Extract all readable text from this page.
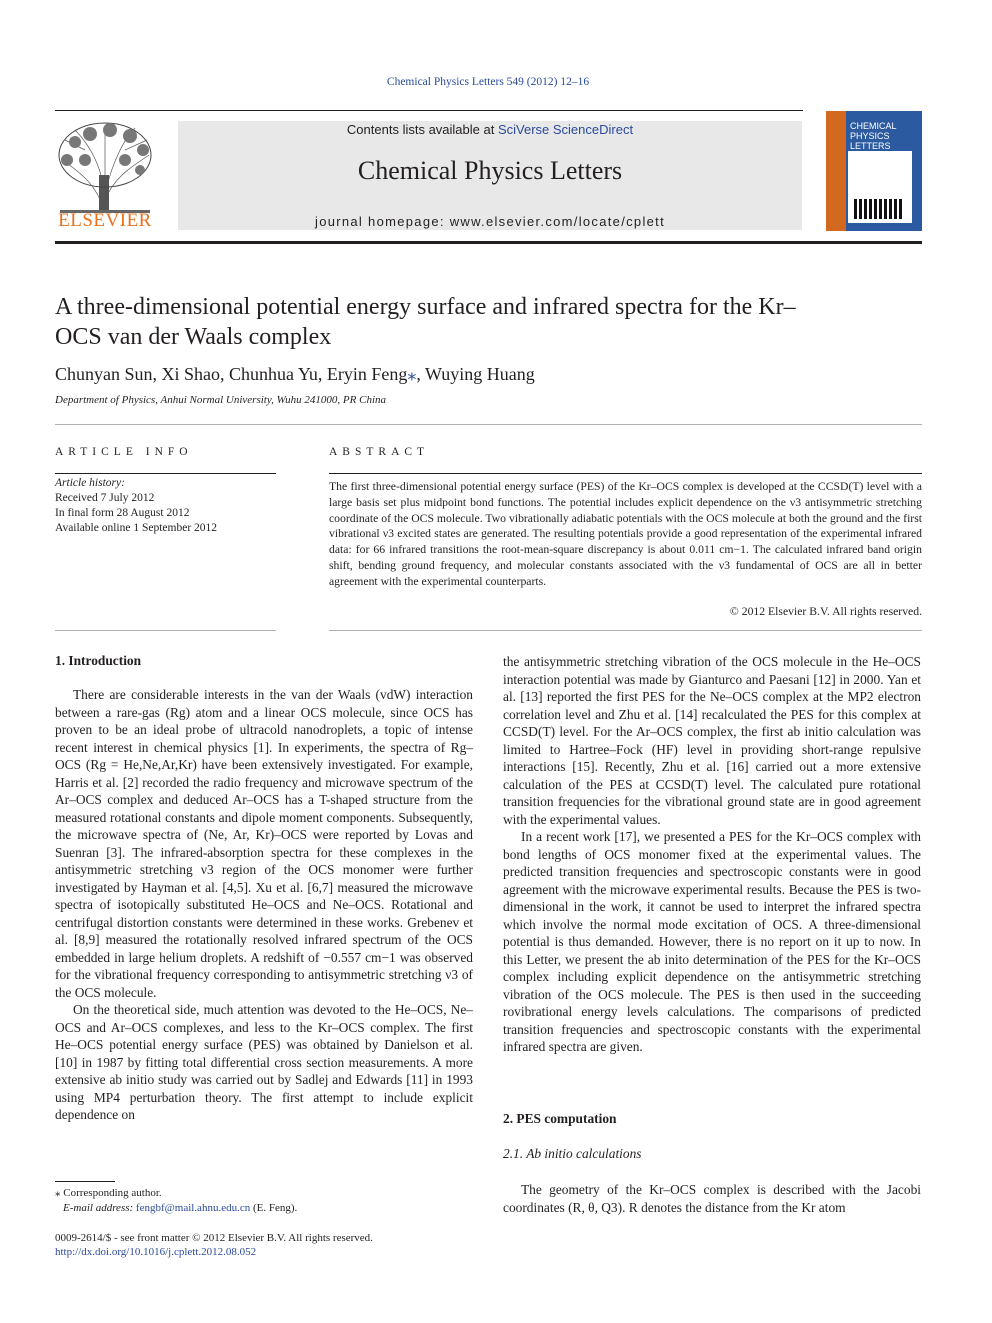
Chemical Physics Letters 549 (2012) 12–16
ELSEVIER
Contents lists available at SciVerse ScienceDirect
Chemical Physics Letters
journal homepage: www.elsevier.com/locate/cplett
CHEMICAL
PHYSICS
LETTERS
A three-dimensional potential energy surface and infrared spectra for the Kr–OCS van der Waals complex
Chunyan Sun, Xi Shao, Chunhua Yu, Eryin Feng⁎, Wuying Huang
Department of Physics, Anhui Normal University, Wuhu 241000, PR China
ARTICLE INFO	ABSTRACT
Article history:
Received 7 July 2012
In final form 28 August 2012
Available online 1 September 2012
The first three-dimensional potential energy surface (PES) of the Kr–OCS complex is developed at the CCSD(T) level with a large basis set plus midpoint bond functions. The potential includes explicit dependence on the ν3 antisymmetric stretching coordinate of the OCS molecule. Two vibrationally adiabatic potentials with the OCS molecule at both the ground and the first vibrational ν3 excited states are generated. The resulting potentials provide a good representation of the experimental infrared data: for 66 infrared transitions the root-mean-square discrepancy is about 0.011 cm−1. The calculated infrared band origin shift, bending ground frequency, and molecular constants associated with the ν3 fundamental of OCS are all in better agreement with the experimental counterparts.
© 2012 Elsevier B.V. All rights reserved.
1. Introduction

There are considerable interests in the van der Waals (vdW) interaction between a rare-gas (Rg) atom and a linear OCS molecule, since OCS has proven to be an ideal probe of ultracold nanodroplets, a topic of intense recent interest in chemical physics [1]. In experiments, the spectra of Rg–OCS (Rg = He,Ne,Ar,Kr) have been extensively investigated. For example, Harris et al. [2] recorded the radio frequency and microwave spectrum of the Ar–OCS complex and deduced Ar–OCS has a T-shaped structure from the measured rotational constants and dipole moment components. Subsequently, the microwave spectra of (Ne, Ar, Kr)–OCS were reported by Lovas and Suenran [3]. The infrared-absorption spectra for these complexes in the antisymmetric stretching ν3 region of the OCS monomer were further investigated by Hayman et al. [4,5]. Xu et al. [6,7] measured the microwave spectra of isotopically substituted He–OCS and Ne–OCS. Rotational and centrifugal distortion constants were determined in these works. Grebenev et al. [8,9] measured the rotationally resolved infrared spectrum of the OCS embedded in large helium droplets. A redshift of −0.557 cm−1 was observed for the vibrational frequency corresponding to antisymmetric stretching ν3 of the OCS molecule.

On the theoretical side, much attention was devoted to the He–OCS, Ne–OCS and Ar–OCS complexes, and less to the Kr–OCS complex. The first He–OCS potential energy surface (PES) was obtained by Danielson et al. [10] in 1987 by fitting total differential cross section measurements. A more extensive ab initio study was carried out by Sadlej and Edwards [11] in 1993 using MP4 perturbation theory. The first attempt to include explicit dependence on

the antisymmetric stretching vibration of the OCS molecule in the He–OCS interaction potential was made by Gianturco and Paesani [12] in 2000. Yan et al. [13] reported the first PES for the Ne–OCS complex at the MP2 electron correlation level and Zhu et al. [14] recalculated the PES for this complex at CCSD(T) level. For the Ar–OCS complex, the first ab initio calculation was limited to Hartree–Fock (HF) level in providing short-range repulsive interactions [15]. Recently, Zhu et al. [16] carried out a more extensive calculation of the PES at CCSD(T) level. The calculated pure rotational transition frequencies for the vibrational ground state are in good agreement with the experimental values.

In a recent work [17], we presented a PES for the Kr–OCS complex with bond lengths of OCS monomer fixed at the experimental values. The predicted transition frequencies and spectroscopic constants were in good agreement with the microwave experimental results. Because the PES is two-dimensional in the work, it cannot be used to interpret the infrared spectra which involve the normal mode excitation of OCS. A three-dimensional potential is thus demanded. However, there is no report on it up to now. In this Letter, we present the ab inito determination of the PES for the Kr–OCS complex including explicit dependence on the antisymmetric stretching vibration of the OCS molecule. The PES is then used in the succeeding rovibrational energy levels calculations. The comparisons of predicted transition frequencies and spectroscopic constants with the experimental infrared spectra are given.

2. PES computation
2.1. Ab initio calculations

The geometry of the Kr–OCS complex is described with the Jacobi coordinates (R, θ, Q3). R denotes the distance from the Kr atom

⁎ Corresponding author.
E-mail address: fengbf@mail.ahnu.edu.cn (E. Feng).
0009-2614/$ - see front matter © 2012 Elsevier B.V. All rights reserved.
http://dx.doi.org/10.1016/j.cplett.2012.08.052
